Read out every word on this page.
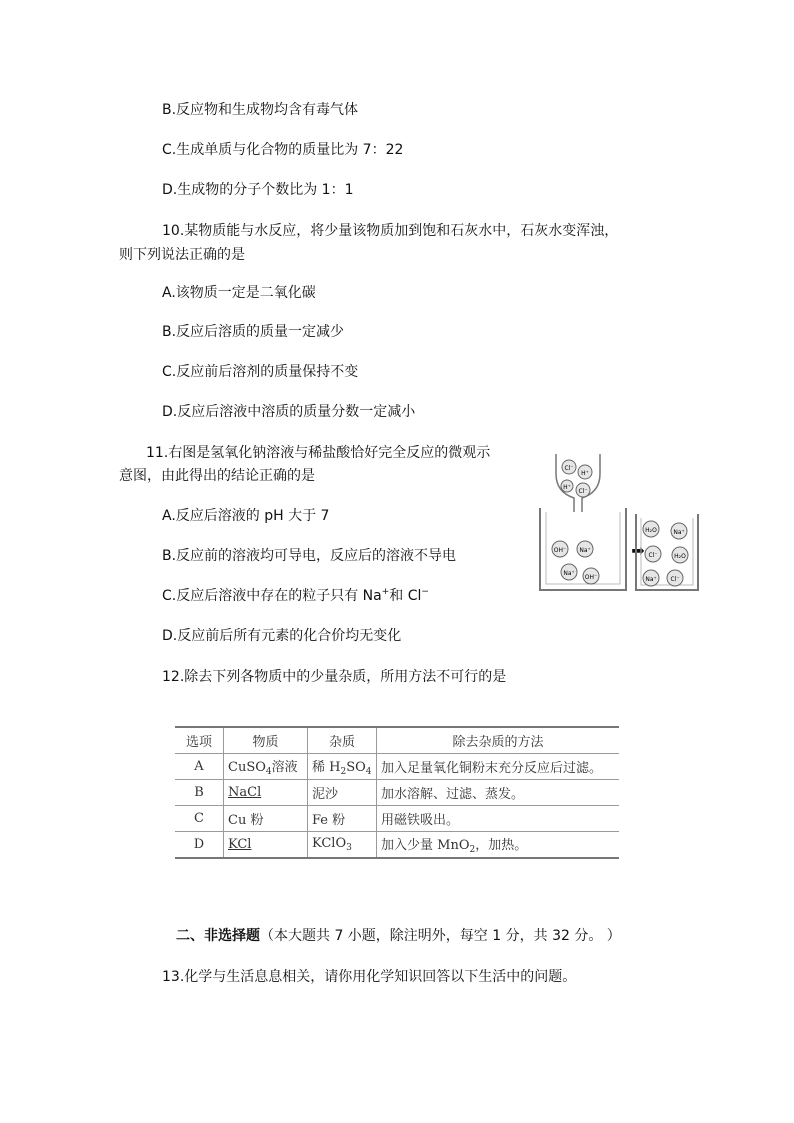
B.反应物和生成物均含有毒气体
C.生成单质与化合物的质量比为 7：22
D.生成物的分子个数比为 1：1
10.某物质能与水反应，将少量该物质加到饱和石灰水中，石灰水变浑浊，
则下列说法正确的是
A.该物质一定是二氧化碳
B.反应后溶质的质量一定减少
C.反应前后溶剂的质量保持不变
D.反应后溶液中溶质的质量分数一定减小
11.右图是氢氧化钠溶液与稀盐酸恰好完全反应的微观示
意图，由此得出的结论正确的是
A.反应后溶液的 pH 大于 7
B.反应前的溶液均可导电，反应后的溶液不导电
C.反应后溶液中存在的粒子只有 Na+和 Cl−
D.反应前后所有元素的化合价均无变化
Cl⁻
H⁺
H⁺
Cl⁻
OH⁻ Na⁺
Na⁺
OH⁻
➡
H₂O	Na⁺
Cl⁻	H₂O
Na⁺ Cl⁻
12.除去下列各物质中的少量杂质，所用方法不可行的是
选项	物质	杂质	除去杂质的方法
A	CuSO$_4$溶液	稀 $H_2SO_4$	加入足量氧化铜粉末充分反应后过滤。
B	NaCl	泥沙	加水溶解、过滤、蒸发。
C	Cu 粉	Fe 粉	用磁铁吸出。
D	KCl	KClO$_3$	加入少量 MnO$_2$，加热。
二、非选择题（本大题共 7 小题，除注明外，每空 1 分，共 32 分。 ）
13.化学与生活息息相关，请你用化学知识回答以下生活中的问题。
